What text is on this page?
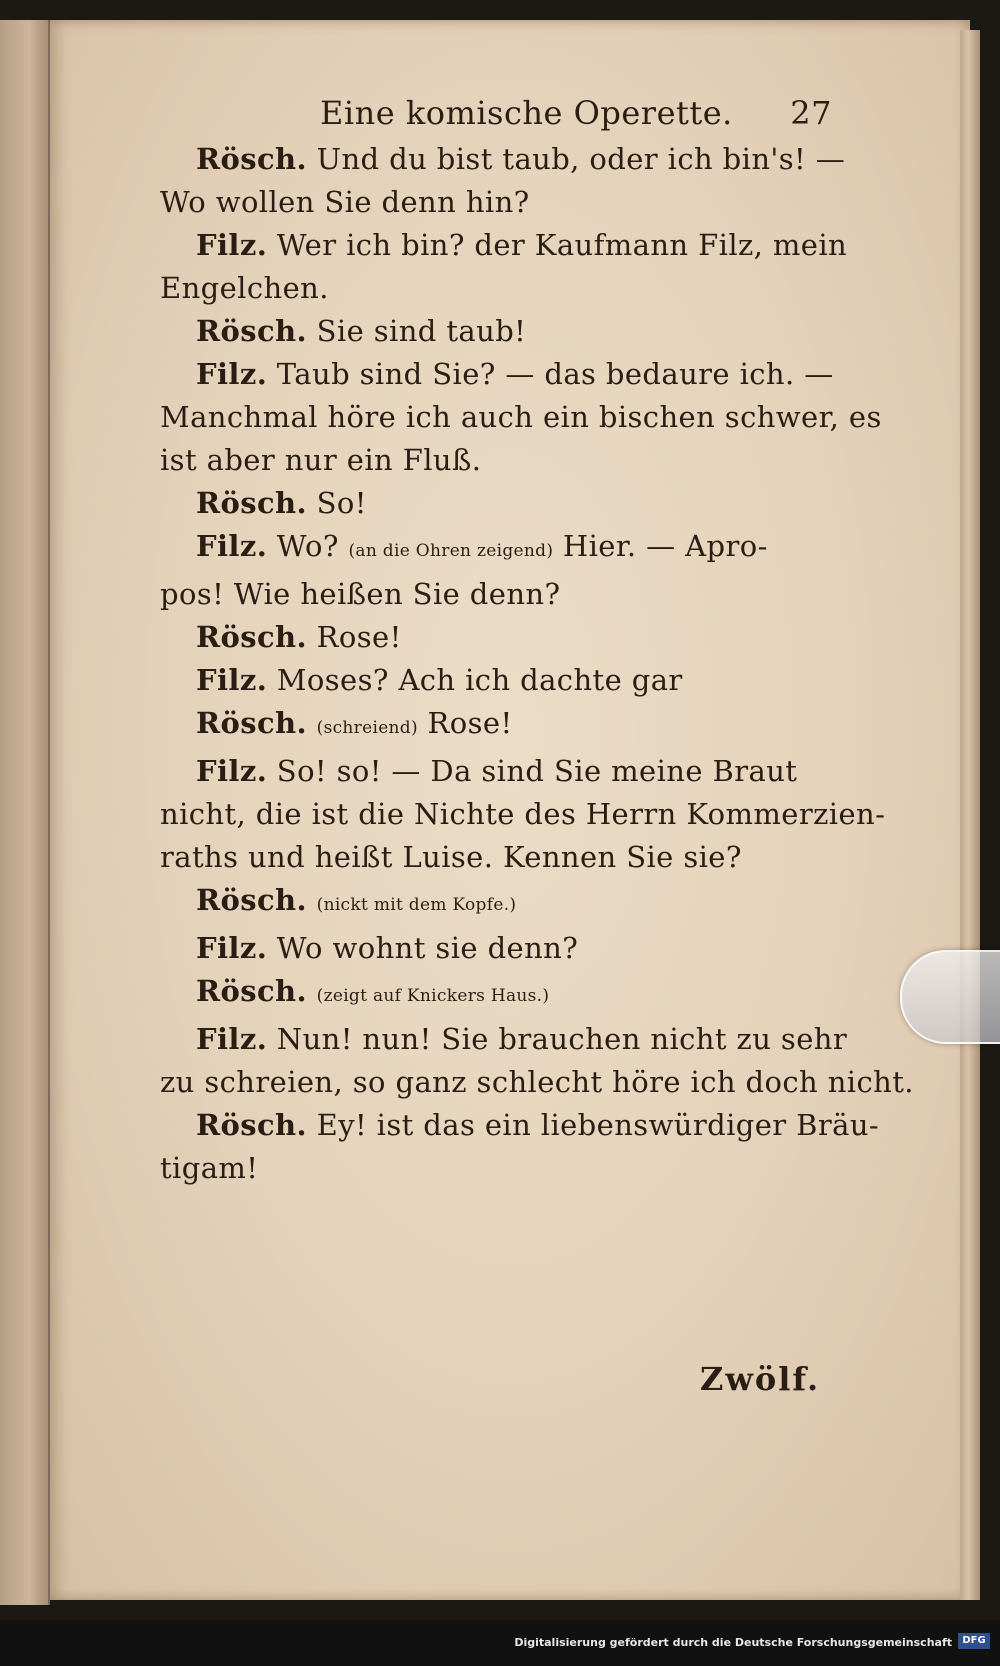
Eine komische Operette. 27
Rösch. Und du bist taub, oder ich bin's! —
Wo wollen Sie denn hin?
Filz. Wer ich bin? der Kaufmann Filz, mein
Engelchen.
Rösch. Sie sind taub!
Filz. Taub sind Sie? — das bedaure ich. —
Manchmal höre ich auch ein bischen schwer, es
ist aber nur ein Fluß.
Rösch. So!
Filz. Wo? (an die Ohren zeigend) Hier. — Apro-
pos! Wie heißen Sie denn?
Rösch. Rose!
Filz. Moses? Ach ich dachte gar
Rösch. (schreiend) Rose!
Filz. So! so! — Da sind Sie meine Braut
nicht, die ist die Nichte des Herrn Kommerzien-
raths und heißt Luise. Kennen Sie sie?
Rösch. (nickt mit dem Kopfe.)
Filz. Wo wohnt sie denn?
Rösch. (zeigt auf Knickers Haus.)
Filz. Nun! nun! Sie brauchen nicht zu sehr
zu schreien, so ganz schlecht höre ich doch nicht.
Rösch. Ey! ist das ein liebenswürdiger Bräu-
tigam!
Zwölf.
Digitalisierung gefördert durch die Deutsche Forschungsgemeinschaft	DFG
